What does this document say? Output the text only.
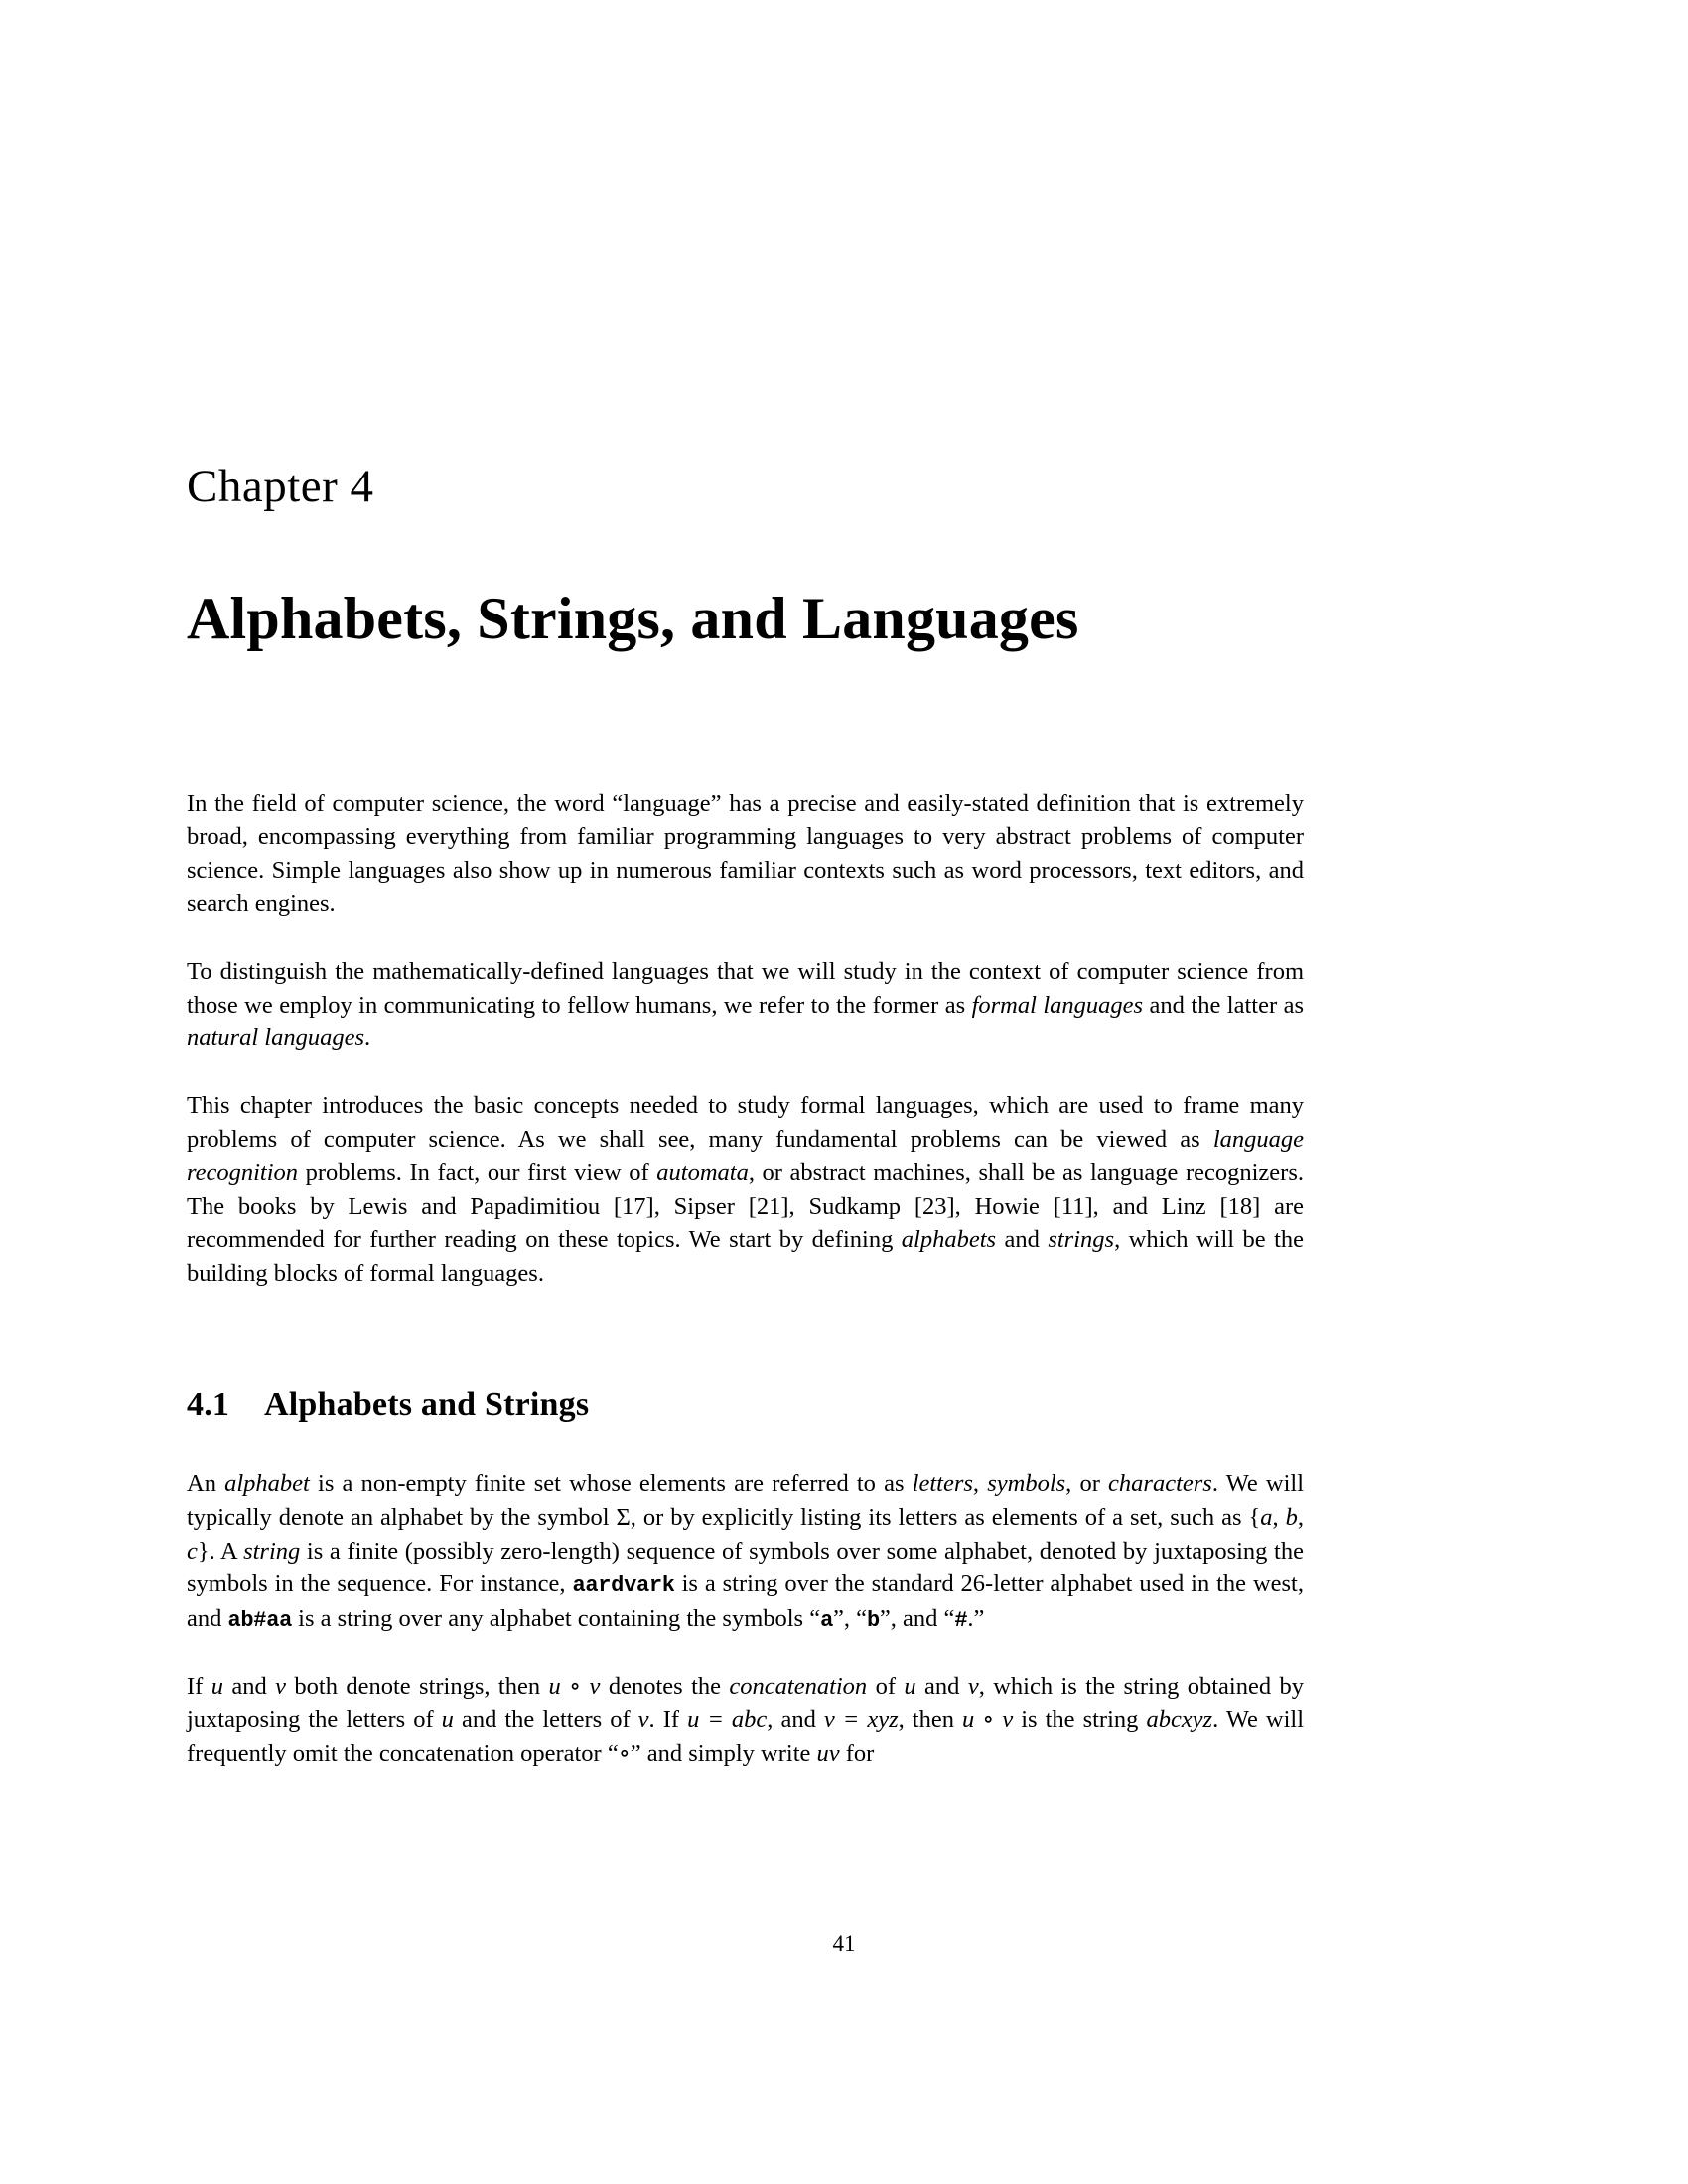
Chapter 4
Alphabets, Strings, and Languages

In the field of computer science, the word “language” has a precise and easily-stated definition that is extremely broad, encompassing everything from familiar programming languages to very abstract problems of computer science. Simple languages also show up in numerous familiar contexts such as word processors, text editors, and search engines.

To distinguish the mathematically-defined languages that we will study in the context of computer science from those we employ in communicating to fellow humans, we refer to the former as formal languages and the latter as natural languages.

This chapter introduces the basic concepts needed to study formal languages, which are used to frame many problems of computer science. As we shall see, many fundamental problems can be viewed as language recognition problems. In fact, our first view of automata, or abstract machines, shall be as language recognizers. The books by Lewis and Papadimitiou [17], Sipser [21], Sudkamp [23], Howie [11], and Linz [18] are recommended for further reading on these topics. We start by defining alphabets and strings, which will be the building blocks of formal languages.

4.1 Alphabets and Strings

An alphabet is a non-empty finite set whose elements are referred to as letters, symbols, or characters. We will typically denote an alphabet by the symbol Σ, or by explicitly listing its letters as elements of a set, such as {a, b, c}. A string is a finite (possibly zero-length) sequence of symbols over some alphabet, denoted by juxtaposing the symbols in the sequence. For instance, aardvark is a string over the standard 26-letter alphabet used in the west, and ab#aa is a string over any alphabet containing the symbols “a”, “b”, and “#.”

If u and v both denote strings, then u ∘ v denotes the concatenation of u and v, which is the string obtained by juxtaposing the letters of u and the letters of v. If u = abc, and v = xyz, then u ∘ v is the string abcxyz. We will frequently omit the concatenation operator “∘” and simply write uv for

41
